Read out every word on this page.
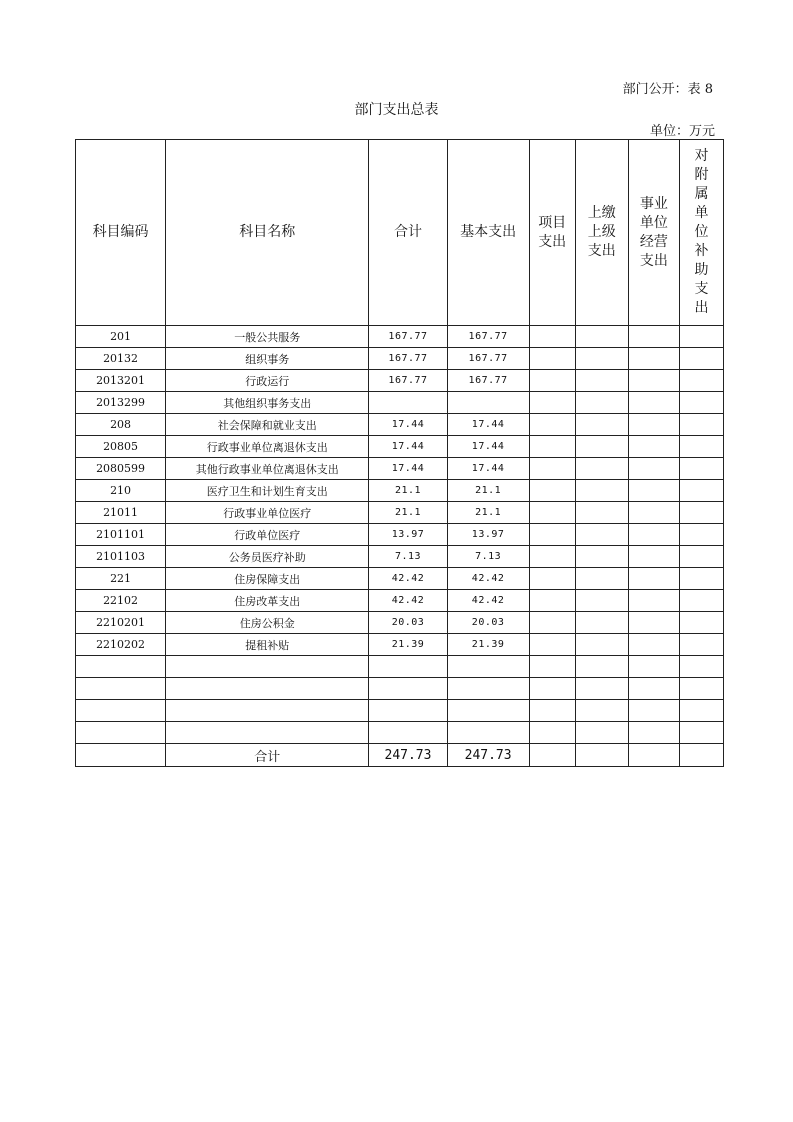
部门公开：表 8
部门支出总表
单位：万元
科目编码	科目名称	合计	基本支出	项目支出	上缴上级支出	事业单位经营支出	对附属单位补助支出
201	一般公共服务	167.77	167.77				
20132	组织事务	167.77	167.77				
2013201	行政运行	167.77	167.77				
2013299	其他组织事务支出						
208	社会保障和就业支出	17.44	17.44				
20805	行政事业单位离退休支出	17.44	17.44				
2080599	其他行政事业单位离退休支出	17.44	17.44				
210	医疗卫生和计划生育支出	21.1	21.1				
21011	行政事业单位医疗	21.1	21.1				
2101101	行政单位医疗	13.97	13.97				
2101103	公务员医疗补助	7.13	7.13				
221	住房保障支出	42.42	42.42				
22102	住房改革支出	42.42	42.42				
2210201	住房公积金	20.03	20.03				
2210202	提租补贴	21.39	21.39				

	合计	247.73	247.73				
